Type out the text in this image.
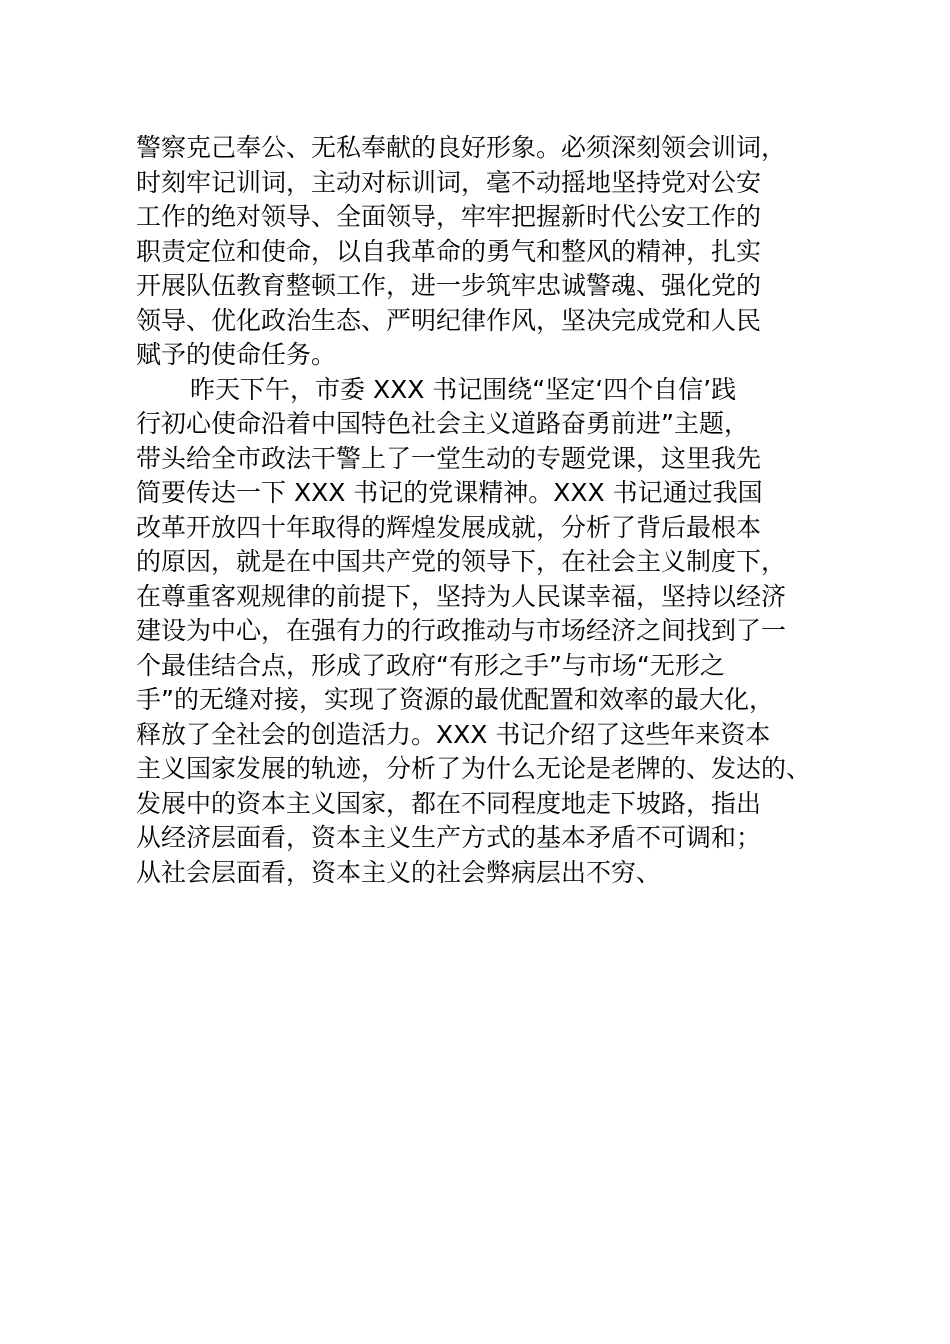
警察克己奉公、无私奉献的良好形象。必须深刻领会训词，
时刻牢记训词，主动对标训词，毫不动摇地坚持党对公安
工作的绝对领导、全面领导，牢牢把握新时代公安工作的
职责定位和使命，以自我革命的勇气和整风的精神，扎实
开展队伍教育整顿工作，进一步筑牢忠诚警魂、强化党的
领导、优化政治生态、严明纪律作风，坚决完成党和人民
赋予的使命任务。
昨天下午，市委 XXX 书记围绕“坚定‘四个自信’践
行初心使命沿着中国特色社会主义道路奋勇前进”主题，
带头给全市政法干警上了一堂生动的专题党课，这里我先
简要传达一下 XXX 书记的党课精神。XXX 书记通过我国
改革开放四十年取得的辉煌发展成就，分析了背后最根本
的原因，就是在中国共产党的领导下，在社会主义制度下，
在尊重客观规律的前提下，坚持为人民谋幸福，坚持以经济
建设为中心，在强有力的行政推动与市场经济之间找到了一
个最佳结合点，形成了政府“有形之手”与市场“无形之
手”的无缝对接，实现了资源的最优配置和效率的最大化，
释放了全社会的创造活力。XXX 书记介绍了这些年来资本
主义国家发展的轨迹，分析了为什么无论是老牌的、发达的、
发展中的资本主义国家，都在不同程度地走下坡路，指出
从经济层面看，资本主义生产方式的基本矛盾不可调和；
从社会层面看，资本主义的社会弊病层出不穷、
